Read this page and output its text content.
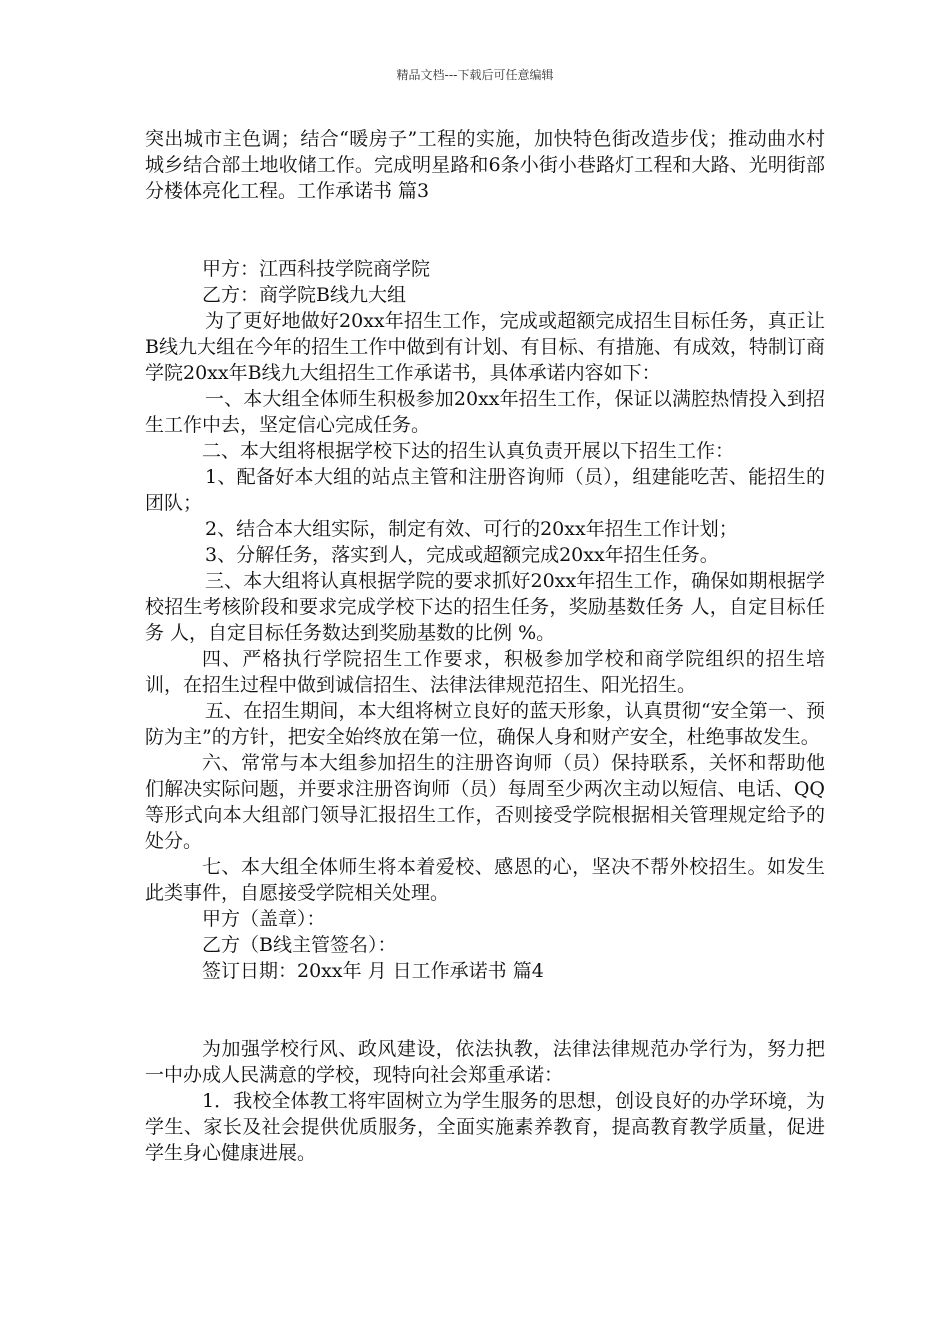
精品文档---下载后可任意编辑

突出城市主色调；结合“暖房子”工程的实施，加快特色街改造步伐；推动曲水村城乡结合部土地收储工作。完成明星路和6条小街小巷路灯工程和大路、光明街部分楼体亮化工程。工作承诺书 篇3

甲方：江西科技学院商学院

乙方：商学院B线九大组

为了更好地做好20xx年招生工作，完成或超额完成招生目标任务，真正让B线九大组在今年的招生工作中做到有计划、有目标、有措施、有成效，特制订商学院20xx年B线九大组招生工作承诺书，具体承诺内容如下：

一、本大组全体师生积极参加20xx年招生工作，保证以满腔热情投入到招生工作中去，坚定信心完成任务。

二、本大组将根据学校下达的招生认真负责开展以下招生工作：

1、配备好本大组的站点主管和注册咨询师（员），组建能吃苦、能招生的团队；

2、结合本大组实际，制定有效、可行的20xx年招生工作计划；

3、分解任务，落实到人，完成或超额完成20xx年招生任务。

三、本大组将认真根据学院的要求抓好20xx年招生工作，确保如期根据学校招生考核阶段和要求完成学校下达的招生任务，奖励基数任务 人，自定目标任务 人，自定目标任务数达到奖励基数的比例 %。

四、严格执行学院招生工作要求，积极参加学校和商学院组织的招生培训，在招生过程中做到诚信招生、法律法律规范招生、阳光招生。

五、在招生期间，本大组将树立良好的蓝天形象，认真贯彻“安全第一、预防为主”的方针，把安全始终放在第一位，确保人身和财产安全，杜绝事故发生。

六、常常与本大组参加招生的注册咨询师（员）保持联系，关怀和帮助他们解决实际问题，并要求注册咨询师（员）每周至少两次主动以短信、电话、QQ等形式向本大组部门领导汇报招生工作，否则接受学院根据相关管理规定给予的处分。

七、本大组全体师生将本着爱校、感恩的心，坚决不帮外校招生。如发生此类事件，自愿接受学院相关处理。

甲方（盖章）：

乙方（B线主管签名）：

签订日期：20xx年 月 日工作承诺书 篇4

为加强学校行风、政风建设，依法执教，法律法律规范办学行为，努力把一中办成人民满意的学校，现特向社会郑重承诺：

1．我校全体教工将牢固树立为学生服务的思想，创设良好的办学环境，为学生、家长及社会提供优质服务，全面实施素养教育，提高教育教学质量，促进学生身心健康进展。
